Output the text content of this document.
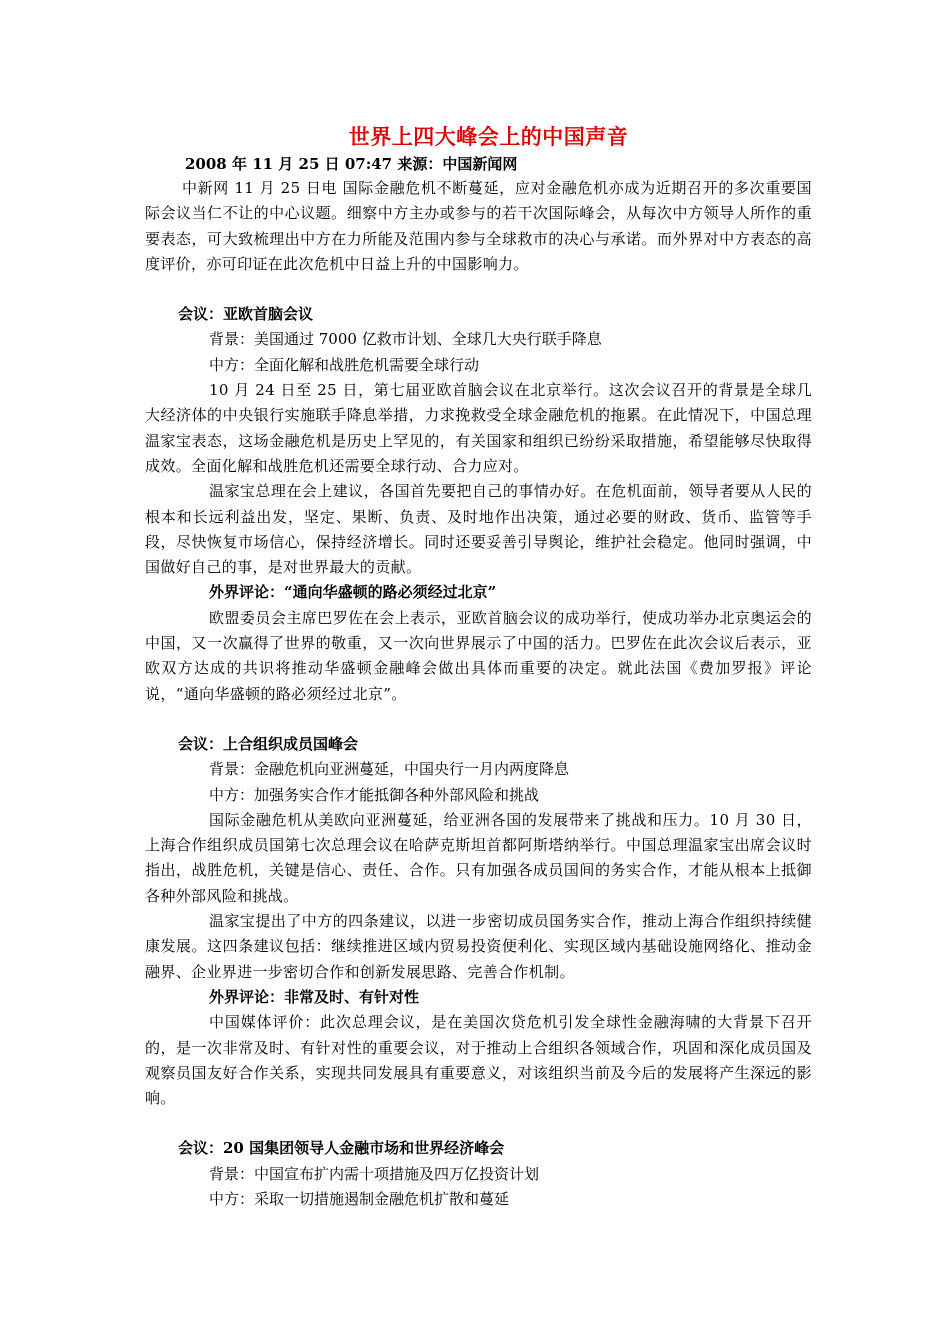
世界上四大峰会上的中国声音
2008 年 11 月 25 日 07:47 来源：中国新闻网

中新网 11 月 25 日电 国际金融危机不断蔓延，应对金融危机亦成为近期召开的多次重要国际会议当仁不让的中心议题。细察中方主办或参与的若干次国际峰会，从每次中方领导人所作的重要表态，可大致梳理出中方在力所能及范围内参与全球救市的决心与承诺。而外界对中方表态的高度评价，亦可印证在此次危机中日益上升的中国影响力。

会议：亚欧首脑会议
背景：美国通过 7000 亿救市计划、全球几大央行联手降息
中方：全面化解和战胜危机需要全球行动

10 月 24 日至 25 日，第七届亚欧首脑会议在北京举行。这次会议召开的背景是全球几大经济体的中央银行实施联手降息举措，力求挽救受全球金融危机的拖累。在此情况下，中国总理温家宝表态，这场金融危机是历史上罕见的，有关国家和组织已纷纷采取措施，希望能够尽快取得成效。全面化解和战胜危机还需要全球行动、合力应对。

温家宝总理在会上建议，各国首先要把自己的事情办好。在危机面前，领导者要从人民的根本和长远利益出发，坚定、果断、负责、及时地作出决策，通过必要的财政、货币、监管等手段，尽快恢复市场信心，保持经济增长。同时还要妥善引导舆论，维护社会稳定。他同时强调，中国做好自己的事，是对世界最大的贡献。

外界评论：“通向华盛顿的路必须经过北京”

欧盟委员会主席巴罗佐在会上表示，亚欧首脑会议的成功举行，使成功举办北京奥运会的中国，又一次赢得了世界的敬重，又一次向世界展示了中国的活力。巴罗佐在此次会议后表示，亚欧双方达成的共识将推动华盛顿金融峰会做出具体而重要的决定。就此法国《费加罗报》评论说，“通向华盛顿的路必须经过北京”。

会议：上合组织成员国峰会
背景：金融危机向亚洲蔓延，中国央行一月内两度降息
中方：加强务实合作才能抵御各种外部风险和挑战

国际金融危机从美欧向亚洲蔓延，给亚洲各国的发展带来了挑战和压力。10 月 30 日，上海合作组织成员国第七次总理会议在哈萨克斯坦首都阿斯塔纳举行。中国总理温家宝出席会议时指出，战胜危机，关键是信心、责任、合作。只有加强各成员国间的务实合作，才能从根本上抵御各种外部风险和挑战。

温家宝提出了中方的四条建议，以进一步密切成员国务实合作，推动上海合作组织持续健康发展。这四条建议包括：继续推进区域内贸易投资便利化、实现区域内基础设施网络化、推动金融界、企业界进一步密切合作和创新发展思路、完善合作机制。

外界评论：非常及时、有针对性

中国媒体评价：此次总理会议，是在美国次贷危机引发全球性金融海啸的大背景下召开的，是一次非常及时、有针对性的重要会议，对于推动上合组织各领域合作，巩固和深化成员国及观察员国友好合作关系，实现共同发展具有重要意义，对该组织当前及今后的发展将产生深远的影响。

会议：20 国集团领导人金融市场和世界经济峰会
背景：中国宣布扩内需十项措施及四万亿投资计划
中方：采取一切措施遏制金融危机扩散和蔓延
